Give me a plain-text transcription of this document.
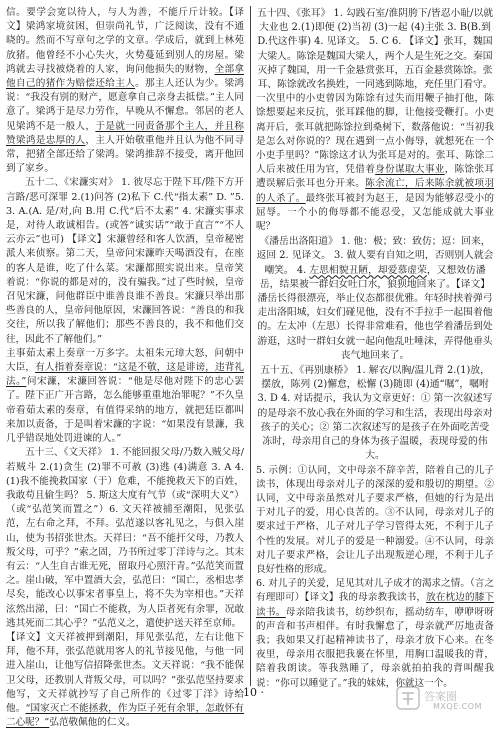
信。要学会宽以待人，与人为善，不能斤斤计较。【译文】梁鸿家境贫困，但崇尚礼节，广泛阅读，没有不通晓的。然而不写章句之学的文章。学成后，就到上林苑放猪。他曾经不小心失火，火势蔓延到别人的房屋。梁鸿就去寻找被烧着的人家，询问他损失的财物，全部拿他自己的猪作为赔偿还给主人。那主人还认为少。梁鸿说：“我没有别的财产，愿意拿自己亲身去抵偿。”主人同意了。梁鸿于是尽力劳作，早晚从不懈怠。邻居的老人见梁鸿不是一般人，于是就一同责备那个主人，并且称赞梁鸿是忠厚的人，主人开始敬重他并且认为他不同寻常，把猪全部还给了梁鸿。梁鸿推辞不接受，离开他回到了家乡。

五十二、《宋濂实对》 1. 彼尽忘于陛下耳/陛下方开言路/恶可深罪 2.(1)问答 (2)私下 C.代“指太素” D. ”5. 3. A.(A. 是/对,向 B.用 C.代“后不太素” 4. 宋濂实事求是，对待人敢诚相告。(或答“诚实话”“敢于直言”“不人云亦云”也可) 【译文】宋濂曾经和客人饮酒，皇帝秘密派人来侦察。第二天，皇帝问宋濂昨天喝酒没有，在座的客人是谁，吃了什么菜。宋濂都照实说出来。皇帝笑着说：“你说的都是对的，没有骗我。”过了些时候，皇帝召见宋濂，问他群臣中谁善良谁不善良。宋濂只举出那些善良的人，皇帝问他原因，宋濂回答说：“善良的和我交往，所以我了解他们；那些不善良的，我不和他们交往，因此不了解他们。”

主事茹太素上奏章一万多字。太祖朱元璋大怒，问朝中大臣，有人指着奏章说：“这是不敬，这是诽谤，违背礼法。”问宋濂，宋濂回答说：“他是尽他对陛下的忠心罢了。陛下正广开言路，怎么能够重重地治罪呢？”不久皇帝看茹太素的奏章，有值得采纳的地方，就把廷臣都叫来加以责备，于是叫着宋濂的字说：“如果没有景濂，我几乎错误地处罚进谏的人。”

五十三、《文天祥》 1. 不能回报父母/乃数入贼父母/若贼斗 2.(1)贪生 (2)罪不可赦 (3)逃 (4)满意 3. A 4. (1)我不能挽救国家（于）危难，不能挽救天下的百姓，我敢苟且偷生吗？ 5. 斯这大度有气节（或“深明大义”）（或“弘范笑而置之”）6. 文天祥被捕至潮阳，见张弘范，左右命之拜，不拜。弘范遂以客礼见之，与俱入崖山，使为书招张世杰。天祥曰：“吾不能扞父母，乃教人叛父母，可乎？”索之固，乃书所过零丁洋诗与之。其末有云：“人生自古谁无死，留取丹心照汗青。”弘范笑而置之。崖山破，军中置酒大会，弘范曰：“国亡，丞相忠孝尽矣，能改心以事宋者事皇上，将不失为宰相也。”天祥泫然出涕，曰：“国亡不能救，为人臣者死有余罪，况敢逃其死而二其心乎？”弘范义之，遣使护送天祥至京师。

【译文】文天祥被押到潮阳，拜见张弘范，左右让他下拜，他不拜，张弘范就用客人的礼节接见他，与他一同进入崖山，让他写信招降张世杰。文天祥说：“我不能保卫父母，还教别人背叛父母，可以吗？”张弘范坚持要求他写，文天祥就抄写了自己所作的《过零丁洋》诗给他。“国家灭亡不能拯救，作为臣子死有余罪，怎敢怀有二心呢？”弘范敬佩他的仁义。

五十四、《张耳》 1. 勾践石室/淮阴胯下/皆忍小耻/以就大业也 2.(1)即便 (2)当初 (3)一起 (4)主张 3. B(B.到 D.代这件事) 4. 见译文。 5. C 6. 【译文】张耳，魏国大梁人。陈馀是魏国大梁人，两个人是生死之交。秦国灭掉了魏国，用一千金悬赏张耳，五百金悬赏陈馀。张耳、陈馀就改名换姓，一同逃到陈地，充任里门看守。

一次里中的小吏曾因为陈馀有过失而用鞭子抽打他，陈馀想要起来反抗，张耳踩他的脚，让他接受鞭打。小吏离开后，张耳就把陈馀拉到桑树下，数落他说：“当初我是怎么对你说的？现在遇到一点小侮辱，就想死在一个小吏手里吗？”陈馀这才认为张耳是对的。张耳、陈馀二人后来被任用为官，凭借着身份谋取大事业，陈馀张耳遭误解后张耳也分开来。陈余流亡，后来陈余就被项羽的人杀了。最终张耳被封为赵王，是因为能够忍受小的屈辱。一个小的侮辱都不能忍受，又怎能成就大事业呢？

《潘岳出洛阳道》 1. 他：极；致：致仿；逗：回来，返回 2. 见译文。 3. 做人要有自知之明，否则别人就会嘲笑。 4. 左思相貌丑陋，却爱慕虚荣，又想效仿潘岳，结果被一群妇女吐口水，狼狈地回来了。【译文】潘岳长得很漂亮，举止仪态都很优雅。年轻时挟着弹弓走出洛阳城，妇女们碰见他，没有不手拉手一起围着他的。左太冲（左思）长得非常难看，他也学着潘岳到处游逛，这时一群妇女就一起向他乱吐唾沫，弄得他垂头丧气地回来了。

五十五、《再别康桥》 1. 解衣/以胸/温儿背 2.(1)放，摆放，陈列 (2)懈怠，松懈 (3)随即 (4)通“嘱”，嘱咐 3. D 4. 对话提示，我认为文章更好：① 第一次叙述写的是母亲不放心我在外面的学习和生活，表现出母亲对孩子的关心；② 第二次叙述写的是孩子在外面吃苦受冻时，母亲用自己的身体为孩子温暖，表现母爱的伟大。

5. 示例：①认同，文中母亲不辞辛苦，陪着自己的儿子读书，体现出母亲对儿子的深深的爱和殷切的期望。②认同，文中母亲虽然对儿子要求严格，但她的行为是出于对儿子的爱，用心良苦的。③不认同，母亲对儿子的要求过于严格，儿子对儿子学习管得太死，不利于儿子个性的发展。对儿子的爱是一种溺爱。④不认同，母亲对儿子要求严格，会让儿子出现叛逆心理，不利于儿子良好性格的形成。

6. 对儿子的关爱，足见其对儿子成才的渴求之情。（言之有理即可）【译文】我的母亲教我读书，放在枕边的膝下读书。母亲陪我读书，纺纱织布，摇动纺车，咿咿呀呀的声音和书声相伴。有时我懈怠了，母亲就严厉地责备我；我如果又打起精神读书了，母亲才放下心来。在冬夜里，母亲用衣服把我裹在怀里，用胸口温暖我的背，陪着我朗读。等我熟睡了，母亲就拍拍我的背叫醒我说：“你可以睡觉了。”我的妹妹，你就这一个。

· 10 ·	答案圈
MXQE.COM
